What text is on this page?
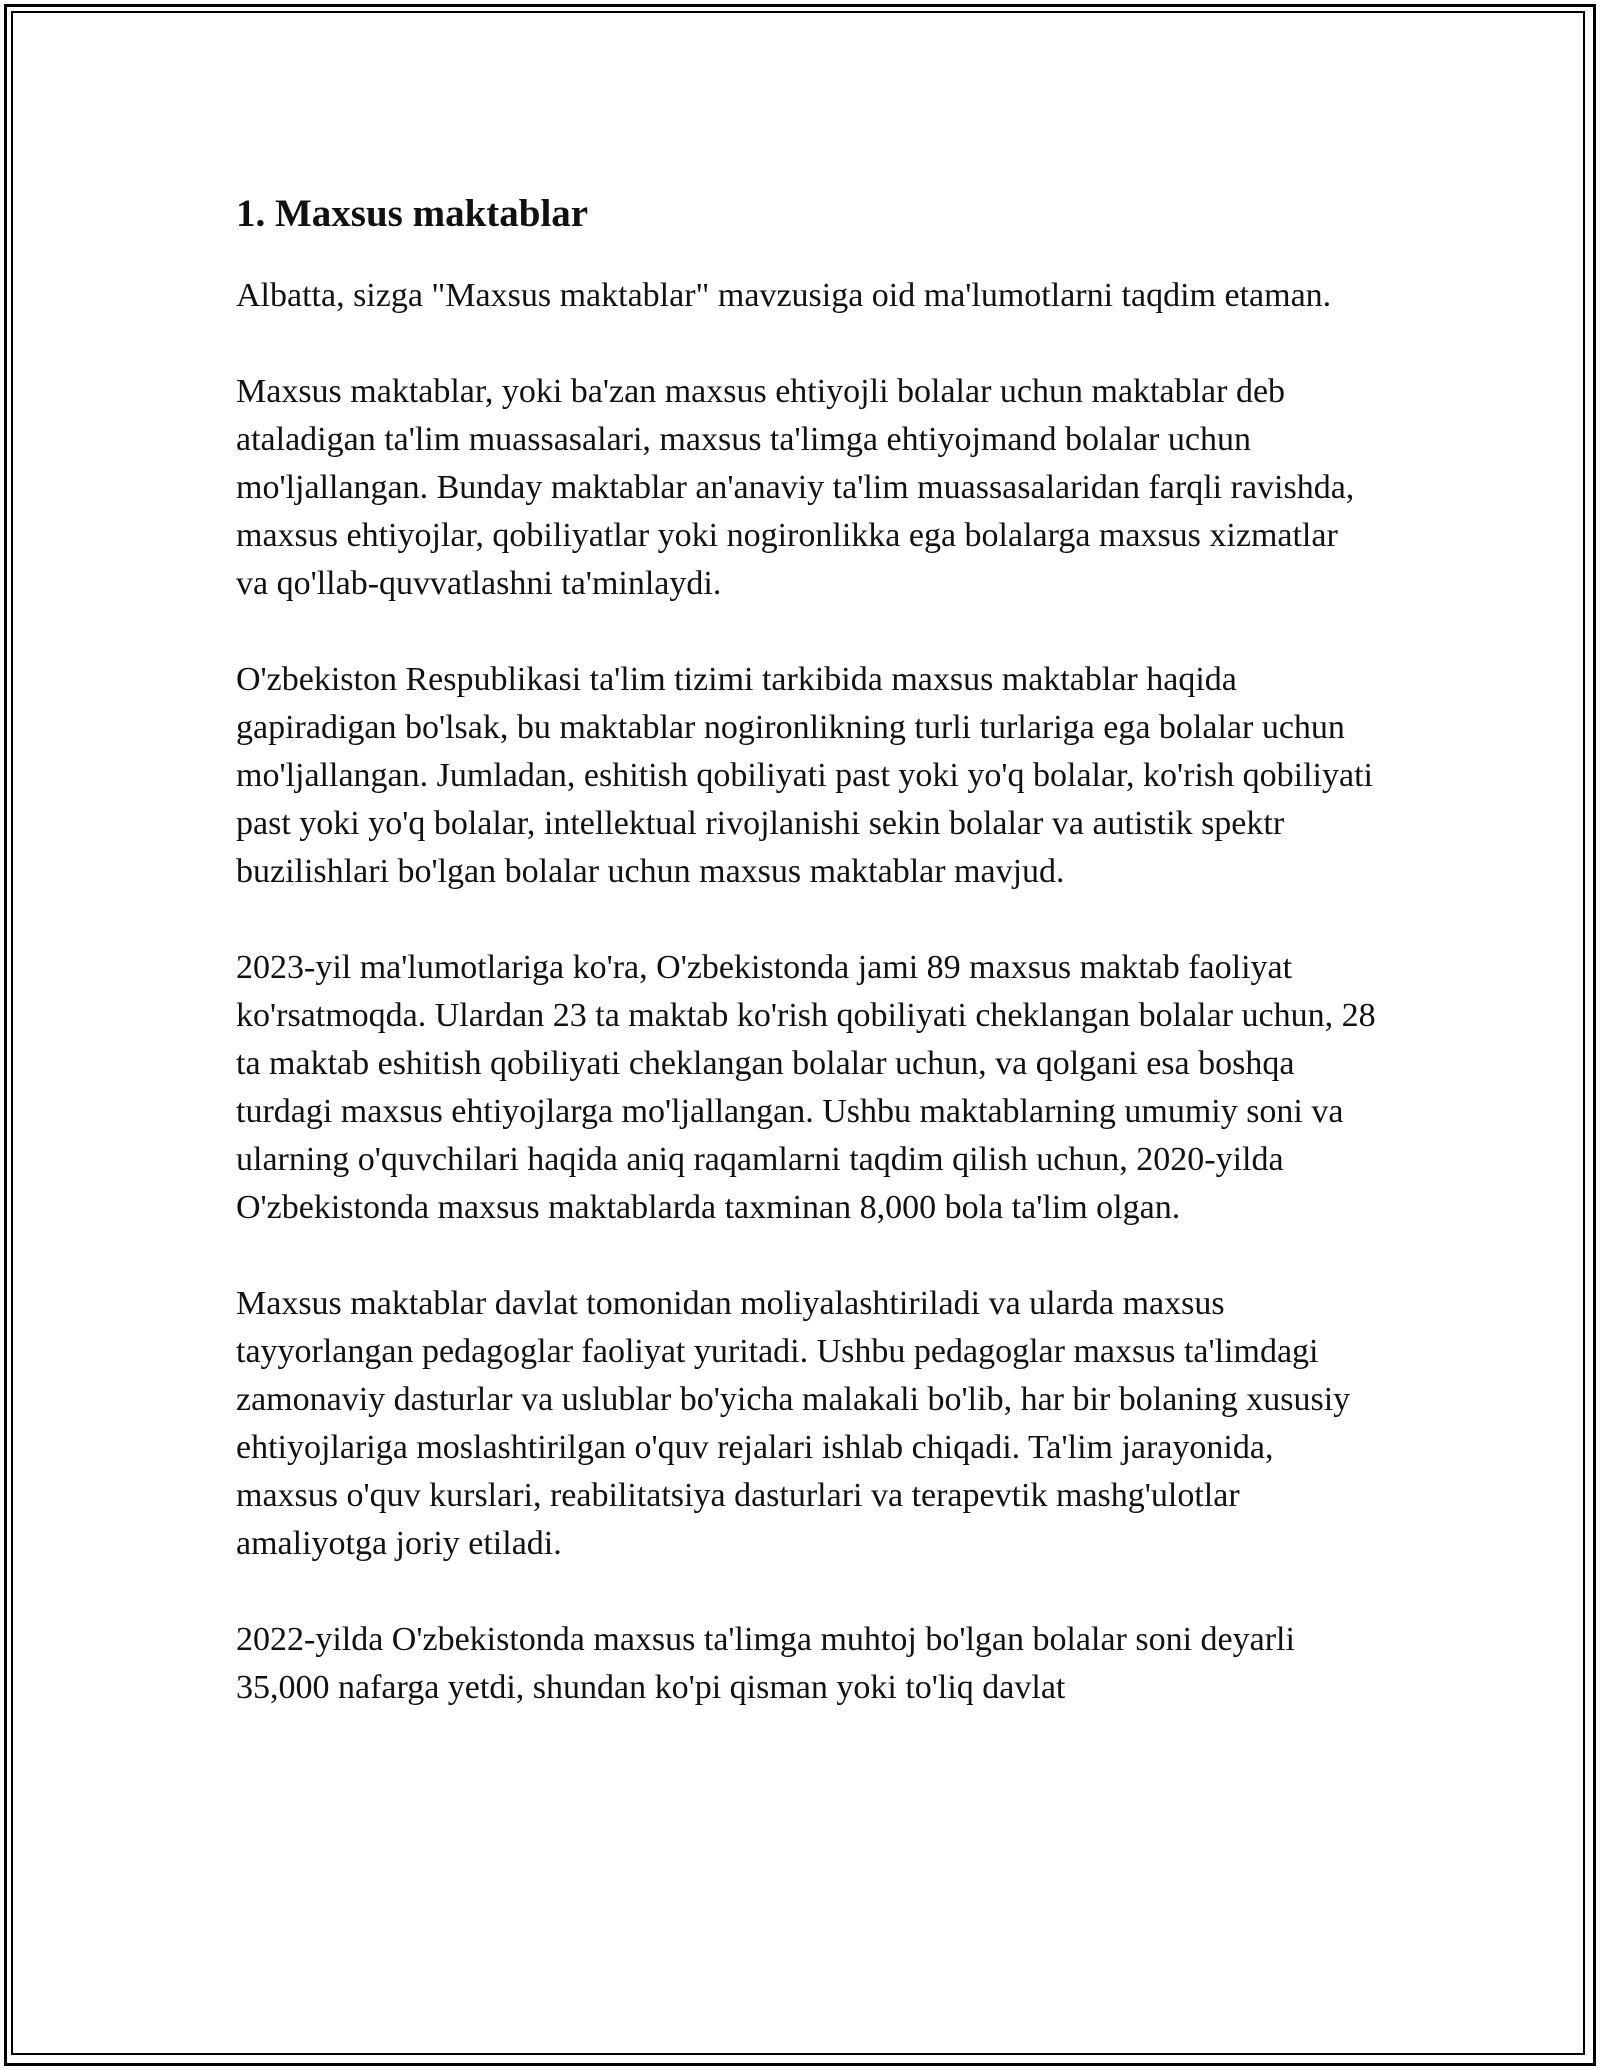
1. Maxsus maktablar

Albatta, sizga "Maxsus maktablar" mavzusiga oid ma'lumotlarni taqdim etaman.

Maxsus maktablar, yoki ba'zan maxsus ehtiyojli bolalar uchun maktablar deb ataladigan ta'lim muassasalari, maxsus ta'limga ehtiyojmand bolalar uchun mo'ljallangan. Bunday maktablar an'anaviy ta'lim muassasalaridan farqli ravishda, maxsus ehtiyojlar, qobiliyatlar yoki nogironlikka ega bolalarga maxsus xizmatlar va qo'llab-quvvatlashni ta'minlaydi.

O'zbekiston Respublikasi ta'lim tizimi tarkibida maxsus maktablar haqida gapiradigan bo'lsak, bu maktablar nogironlikning turli turlariga ega bolalar uchun mo'ljallangan. Jumladan, eshitish qobiliyati past yoki yo'q bolalar, ko'rish qobiliyati past yoki yo'q bolalar, intellektual rivojlanishi sekin bolalar va autistik spektr buzilishlari bo'lgan bolalar uchun maxsus maktablar mavjud.

2023-yil ma'lumotlariga ko'ra, O'zbekistonda jami 89 maxsus maktab faoliyat ko'rsatmoqda. Ulardan 23 ta maktab ko'rish qobiliyati cheklangan bolalar uchun, 28 ta maktab eshitish qobiliyati cheklangan bolalar uchun, va qolgani esa boshqa turdagi maxsus ehtiyojlarga mo'ljallangan. Ushbu maktablarning umumiy soni va ularning o'quvchilari haqida aniq raqamlarni taqdim qilish uchun, 2020-yilda O'zbekistonda maxsus maktablarda taxminan 8,000 bola ta'lim olgan.

Maxsus maktablar davlat tomonidan moliyalashtiriladi va ularda maxsus tayyorlangan pedagoglar faoliyat yuritadi. Ushbu pedagoglar maxsus ta'limdagi zamonaviy dasturlar va uslublar bo'yicha malakali bo'lib, har bir bolaning xususiy ehtiyojlariga moslashtirilgan o'quv rejalari ishlab chiqadi. Ta'lim jarayonida, maxsus o'quv kurslari, reabilitatsiya dasturlari va terapevtik mashg'ulotlar amaliyotga joriy etiladi.

2022-yilda O'zbekistonda maxsus ta'limga muhtoj bo'lgan bolalar soni deyarli 35,000 nafarga yetdi, shundan ko'pi qisman yoki to'liq davlat
